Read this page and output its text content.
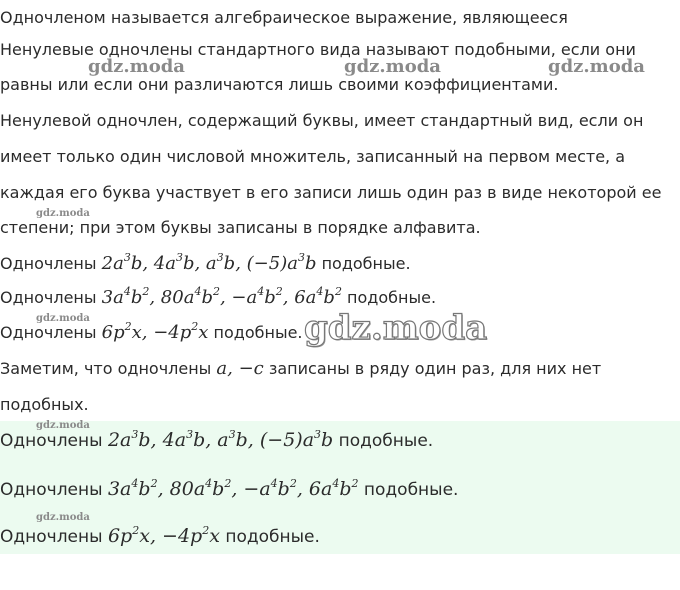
Одночлены $2a^3b$, $4a^3b$, $a^3b$, $(-5)a^3b$ подобные.

Одночлены $3a^4b^2$, $80a^4b^2$, $-a^4b^2$, $6a^4b^2$ подобные.

Одночлены $6p^2x$, $-4p^2x$ подобные.

Одночленом называется алгебраическое выражение, являющееся

Ненулевые одночлены стандартного вида называют подобными, если они

равны или если они различаются лишь своими коэффициентами.

Ненулевой одночлен, содержащий буквы, имеет стандартный вид, если он

имеет только один числовой множитель, записанный на первом месте, а

каждая его буква участвует в его записи лишь один раз в виде некоторой ее

степени; при этом буквы записаны в порядке алфавита.

Одночлены $2a^3b$, $4a^3b$, $a^3b$, $(-5)a^3b$ подобные.

Одночлены $3a^4b^2$, $80a^4b^2$, $-a^4b^2$, $6a^4b^2$ подобные.

Одночлены $6p^2x$, $-4p^2x$ подобные.

Заметим, что одночлены a, −c записаны в ряду один раз, для них нет

подобных.

gdz.moda	gdz.moda	gdz.moda
gdz.moda
gdz.moda	gdz.moda
gdz.moda
gdz.moda
